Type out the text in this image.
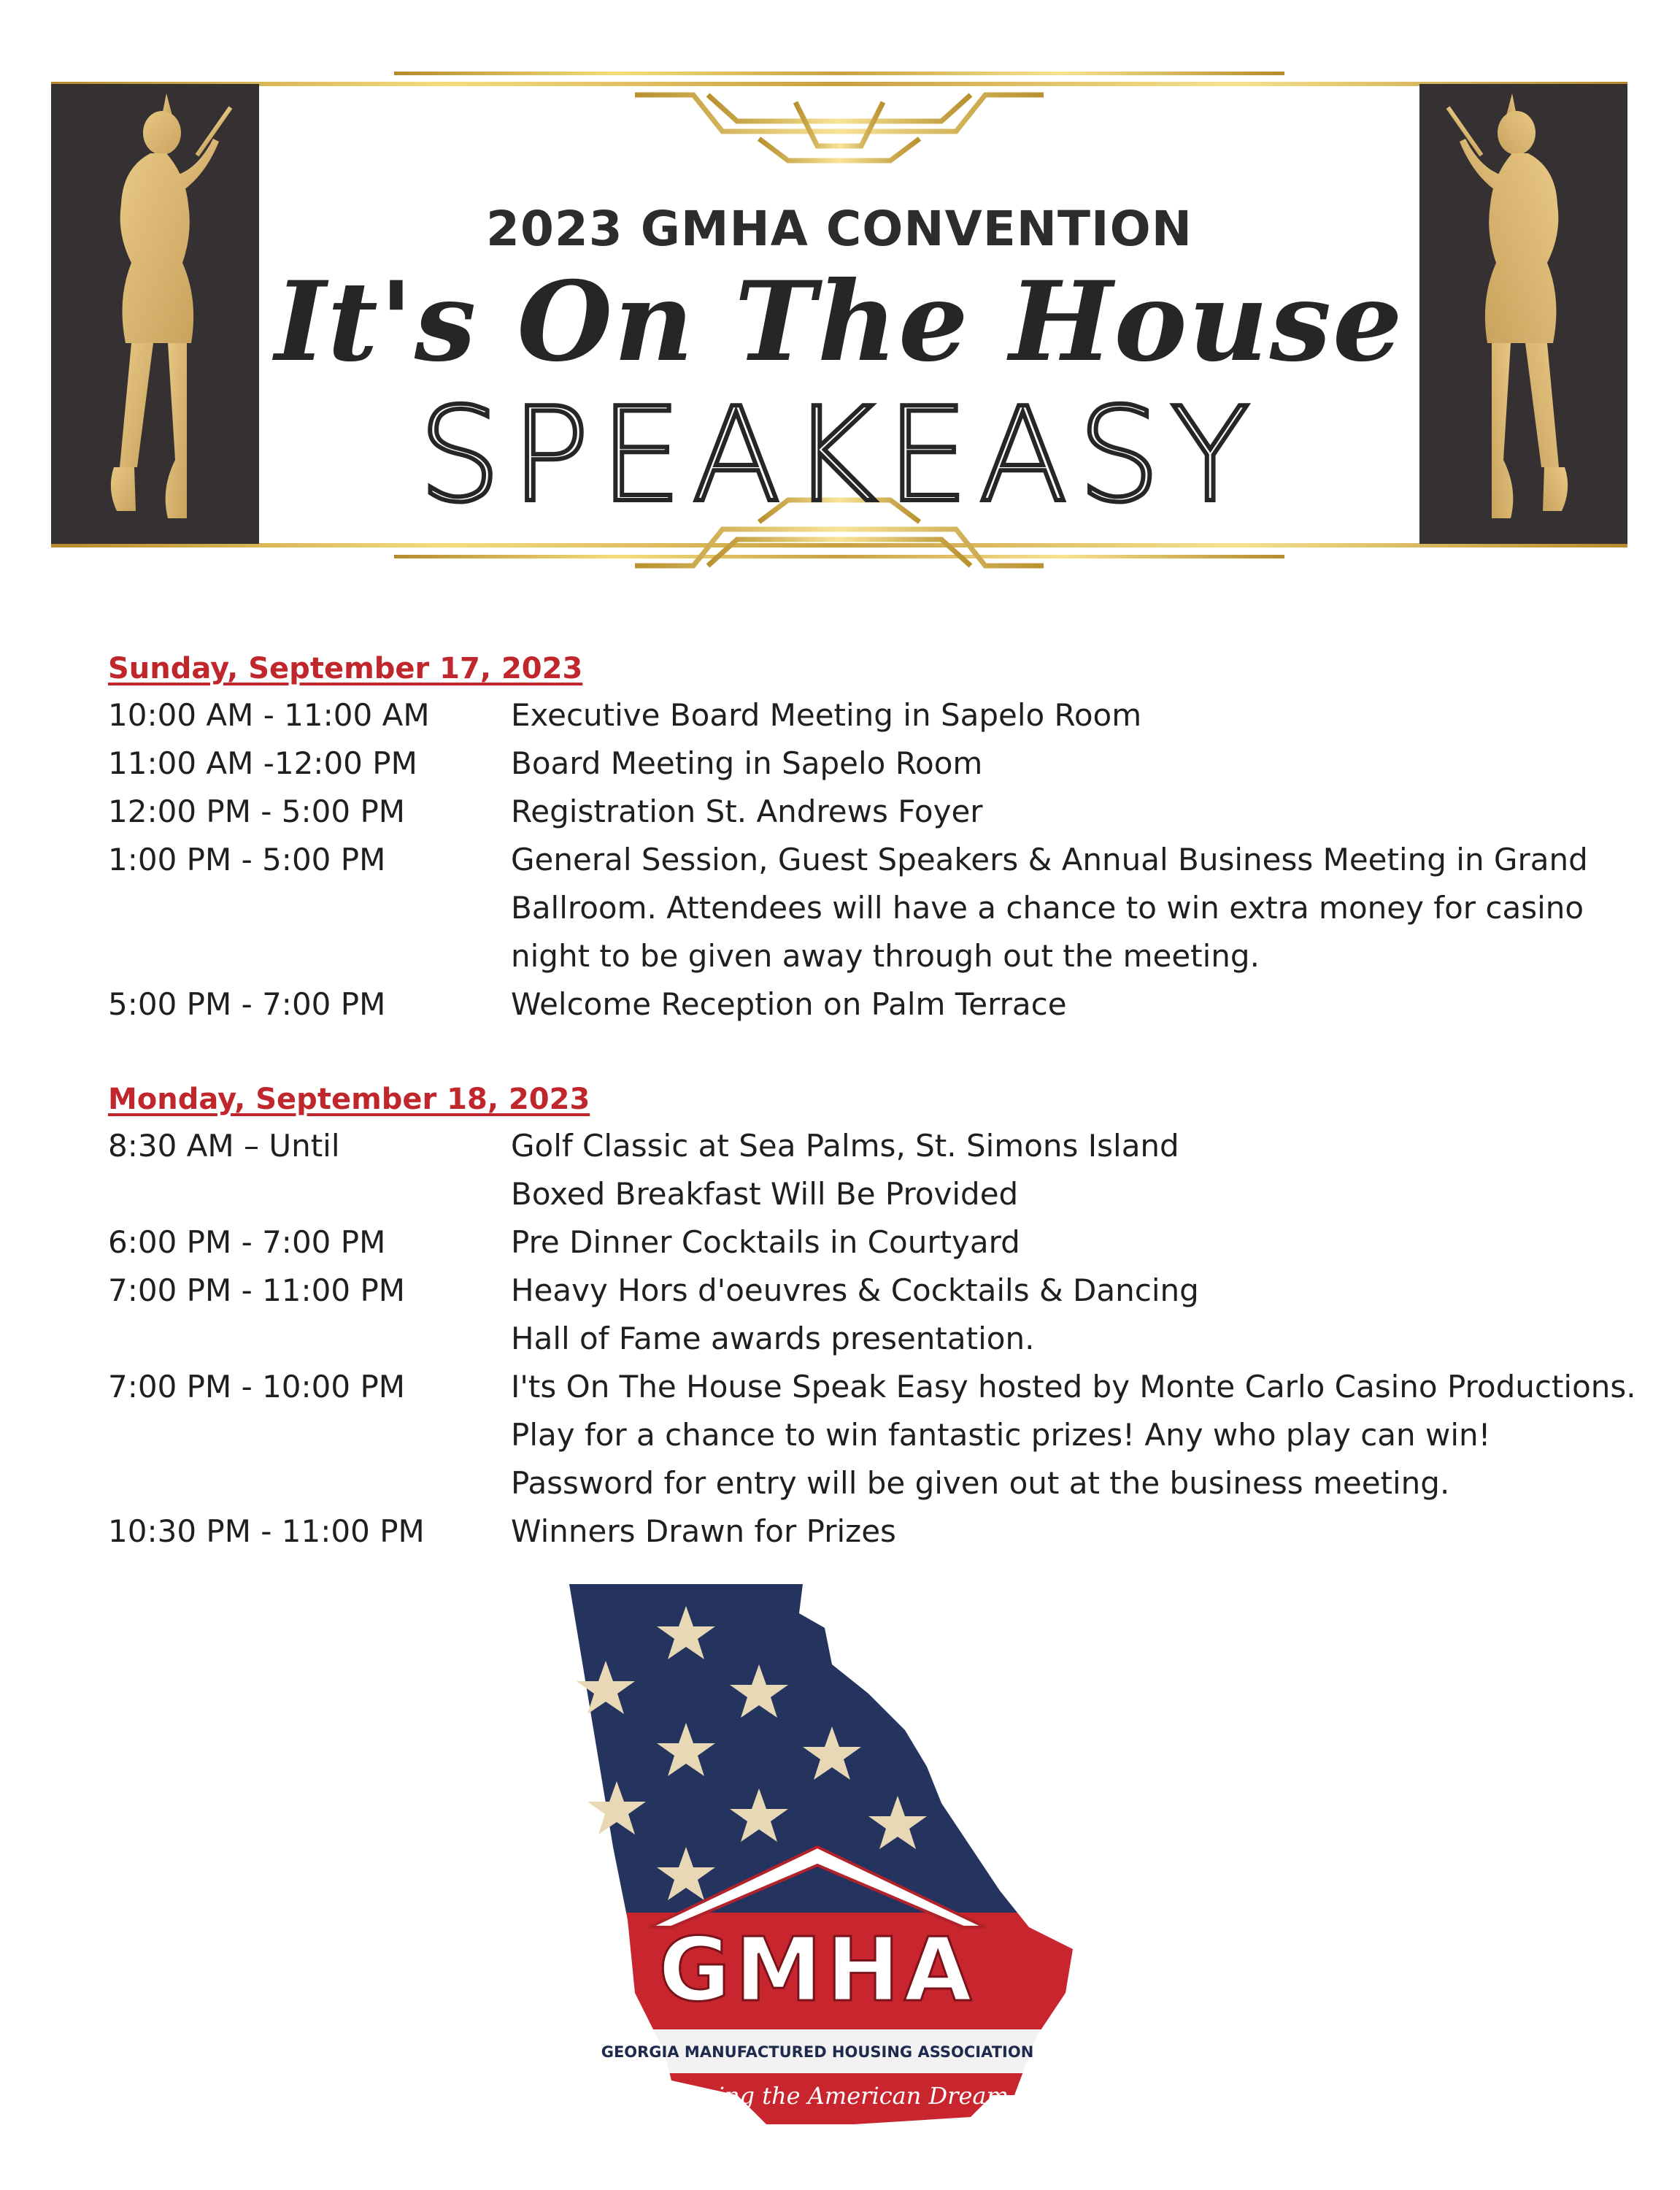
2023 GMHA CONVENTION
It's On The House
SPEAKEASY
Sunday, September 17, 2023
10:00 AM - 11:00 AM	Executive Board Meeting in Sapelo Room
11:00 AM -12:00 PM	Board Meeting in Sapelo Room
12:00 PM - 5:00 PM	Registration St. Andrews Foyer
1:00 PM - 5:00 PM	General Session, Guest Speakers & Annual Business Meeting in Grand
Ballroom. Attendees will have a chance to win extra money for casino
night to be given away through out the meeting.
5:00 PM - 7:00 PM	Welcome Reception on Palm Terrace
Monday, September 18, 2023
8:30 AM – Until	Golf Classic at Sea Palms, St. Simons Island
Boxed Breakfast Will Be Provided
6:00 PM - 7:00 PM	Pre Dinner Cocktails in Courtyard
7:00 PM - 11:00 PM	Heavy Hors d'oeuvres & Cocktails & Dancing
Hall of Fame awards presentation.
7:00 PM - 10:00 PM	I'ts On The House Speak Easy hosted by Monte Carlo Casino Productions.
Play for a chance to win fantastic prizes! Any who play can win!
Password for entry will be given out at the business meeting.
10:30 PM - 11:00 PM	Winners Drawn for Prizes
GMHA
GEORGIA MANUFACTURED HOUSING ASSOCIATION
Preserving the American Dream
